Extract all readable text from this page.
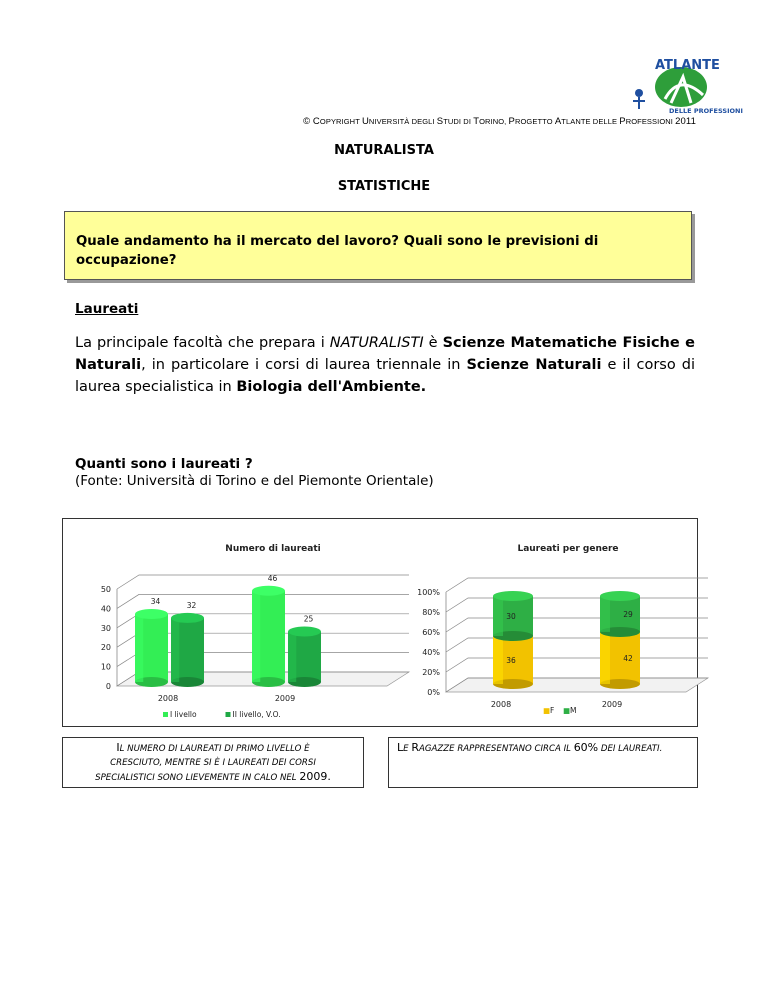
ATLANTE
DELLE PROFESSIONI
© COPYRIGHT UNIVERSITÀ DEGLI STUDI DI TORINO, PROGETTO ATLANTE DELLE PROFESSIONI 2011
NATURALISTA
STATISTICHE
Quale andamento ha il mercato del lavoro? Quali sono le previsioni di occupazione?
Laureati
La principale facoltà che prepara i NATURALISTI è Scienze Matematiche Fisiche e Naturali, in particolare i corsi di laurea triennale in Scienze Naturali e il corso di laurea specialistica in Biologia dell'Ambiente.
Quanti sono i laureati ?
(Fonte: Università di Torino e del Piemonte Orientale)
0
10
20
30
40
50
Numero di laureati
34	32
2008
46
25
2009
I livello	II livello, V.O.
0%
20%
40%
60%
80%
100%
Laureati per genere
36
30
2008
42
29
2009
■ F ■ M
IL NUMERO DI LAUREATI DI PRIMO LIVELLO È
CRESCIUTO, MENTRE SI È I LAUREATI DEI CORSI
SPECIALISTICI SONO LIEVEMENTE IN CALO NEL 2009.
LE RAGAZZE RAPPRESENTANO CIRCA IL 60% DEI LAUREATI.
